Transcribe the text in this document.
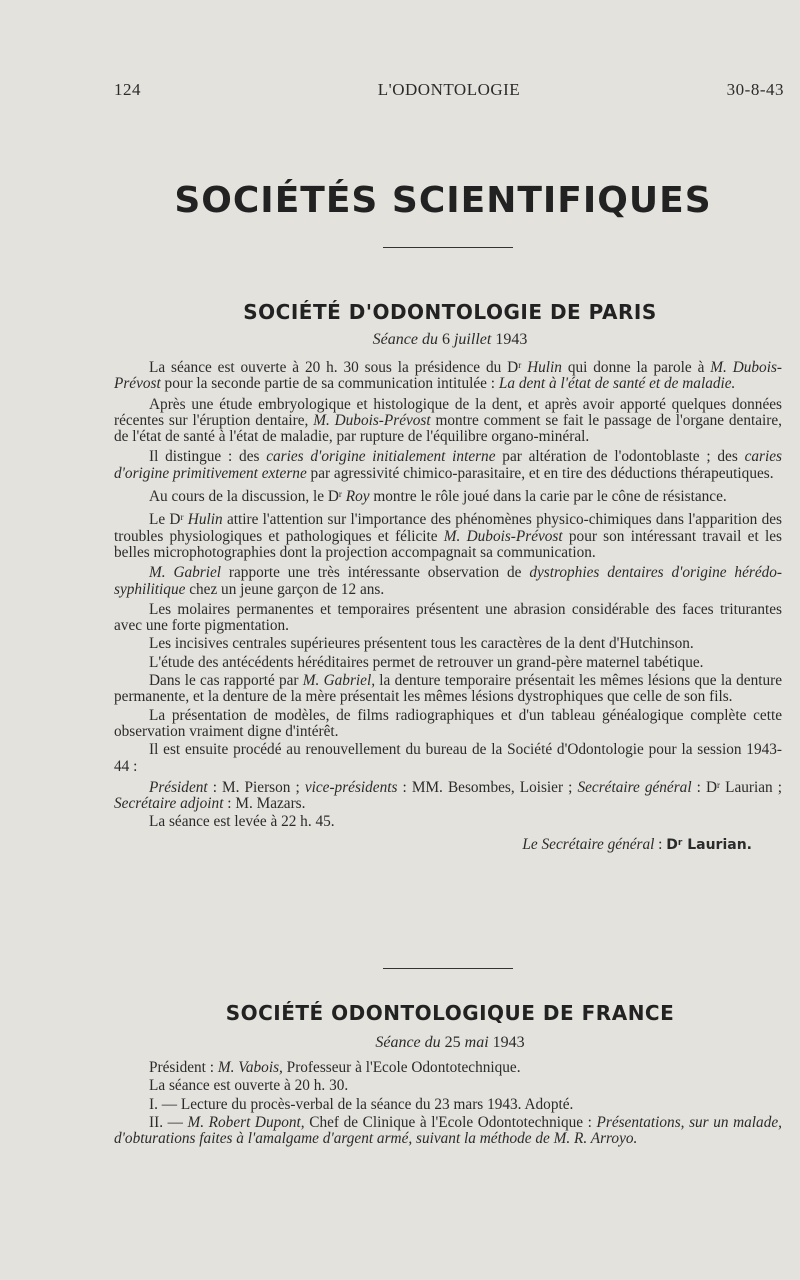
124	L'ODONTOLOGIE	30-8-43
SOCIÉTÉS SCIENTIFIQUES
SOCIÉTÉ D'ODONTOLOGIE DE PARIS
Séance du 6 juillet 1943

La séance est ouverte à 20 h. 30 sous la présidence du $D^r$ Hulin qui donne la parole à M. Dubois-Prévost pour la seconde partie de sa communication intitulée : La dent à l'état de santé et de maladie.

Après une étude embryologique et histologique de la dent, et après avoir apporté quelques données récentes sur l'éruption dentaire, M. Dubois-Prévost montre comment se fait le passage de l'organe dentaire, de l'état de santé à l'état de maladie, par rupture de l'équilibre organo-minéral.

Il distingue : des caries d'origine initialement interne par altération de l'odontoblaste ; des caries d'origine primitivement externe par agressivité chimico-parasitaire, et en tire des déductions thérapeutiques.

Au cours de la discussion, le $D^r$ Roy montre le rôle joué dans la carie par le cône de résistance.

Le $D^r$ Hulin attire l'attention sur l'importance des phénomènes physico-chimiques dans l'apparition des troubles physiologiques et pathologiques et félicite M. Dubois-Prévost pour son intéressant travail et les belles microphotographies dont la projection accompagnait sa communication.

M. Gabriel rapporte une très intéressante observation de dystrophies dentaires d'origine hérédo-syphilitique chez un jeune garçon de 12 ans.

Les molaires permanentes et temporaires présentent une abrasion considérable des faces triturantes avec une forte pigmentation.

Les incisives centrales supérieures présentent tous les caractères de la dent d'Hutchinson.

L'étude des antécédents héréditaires permet de retrouver un grand-père maternel tabétique.

Dans le cas rapporté par M. Gabriel, la denture temporaire présentait les mêmes lésions que la denture permanente, et la denture de la mère présentait les mêmes lésions dystrophiques que celle de son fils.

La présentation de modèles, de films radiographiques et d'un tableau généalogique complète cette observation vraiment digne d'intérêt.

Il est ensuite procédé au renouvellement du bureau de la Société d'Odontologie pour la session 1943-44 :

Président : M. Pierson ; vice-présidents : MM. Besombes, Loisier ; Secrétaire général : $D^r$ Laurian ; Secrétaire adjoint : M. Mazars.

La séance est levée à 22 h. 45.

Le Secrétaire général : $D^r$ Laurian.
SOCIÉTÉ ODONTOLOGIQUE DE FRANCE
Séance du 25 mai 1943

Président : M. Vabois, Professeur à l'Ecole Odontotechnique.

La séance est ouverte à 20 h. 30.

I. — Lecture du procès-verbal de la séance du 23 mars 1943. Adopté.

II. — M. Robert Dupont, Chef de Clinique à l'Ecole Odontotechnique : Présentations, sur un malade, d'obturations faites à l'amalgame d'argent armé, suivant la méthode de M. R. Arroyo.
